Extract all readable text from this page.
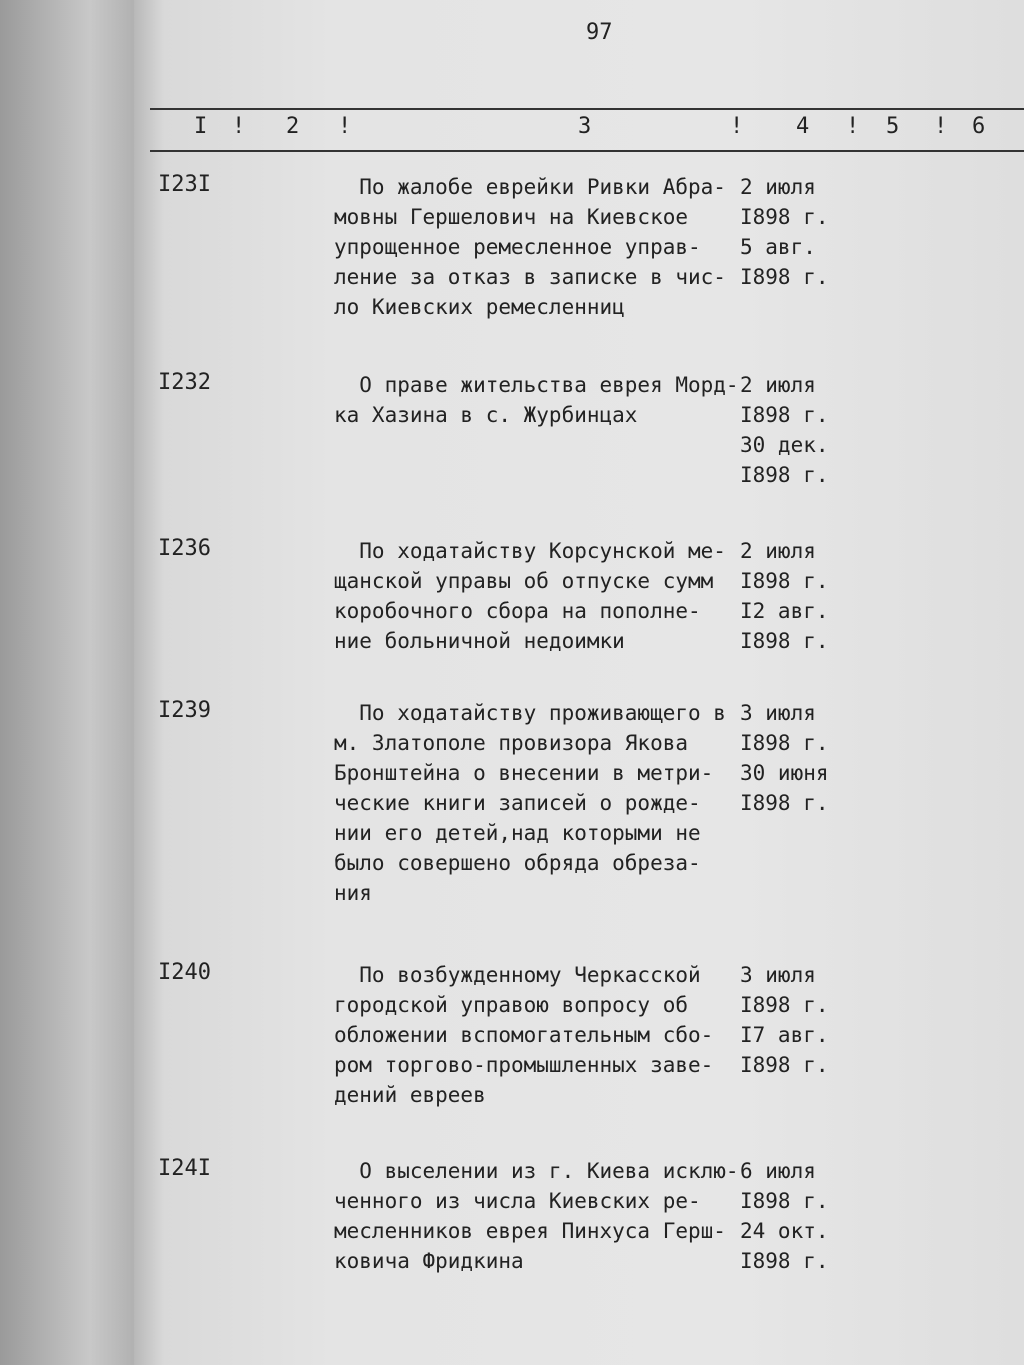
97
I ! 2 !	3	! 4 ! 5 ! 6
I23I	По жалобе еврейки Ривки Абра-
мовны Гершелович на Киевское
упрощенное ремесленное управ-
ление за отказ в записке в чис-
ло Киевских ремесленниц
2 июля
I898 г.
5 авг.
I898 г.
I232	О праве жительства еврея Морд-
ка Хазина в с. Журбинцах
2 июля
I898 г.
30 дек.
I898 г.
I236	По ходатайству Корсунской ме-
щанской управы об отпуске сумм
коробочного сбора на пополне-
ние больничной недоимки
2 июля
I898 г.
I2 авг.
I898 г.
I239	По ходатайству проживающего в
м. Златополе провизора Якова
Бронштейна о внесении в метри-
ческие книги записей о рожде-
нии его детей,над которыми не
было совершено обряда обреза-
ния
3 июля
I898 г.
30 июня
I898 г.
I240	По возбужденному Черкасской
городской управою вопросу об
обложении вспомогательным сбо-
ром торгово-промышленных заве-
дений евреев
3 июля
I898 г.
I7 авг.
I898 г.
I24I	О выселении из г. Киева исклю-
ченного из числа Киевских ре-
месленников еврея Пинхуса Герш-
ковича Фридкина
6 июля
I898 г.
24 окт.
I898 г.
